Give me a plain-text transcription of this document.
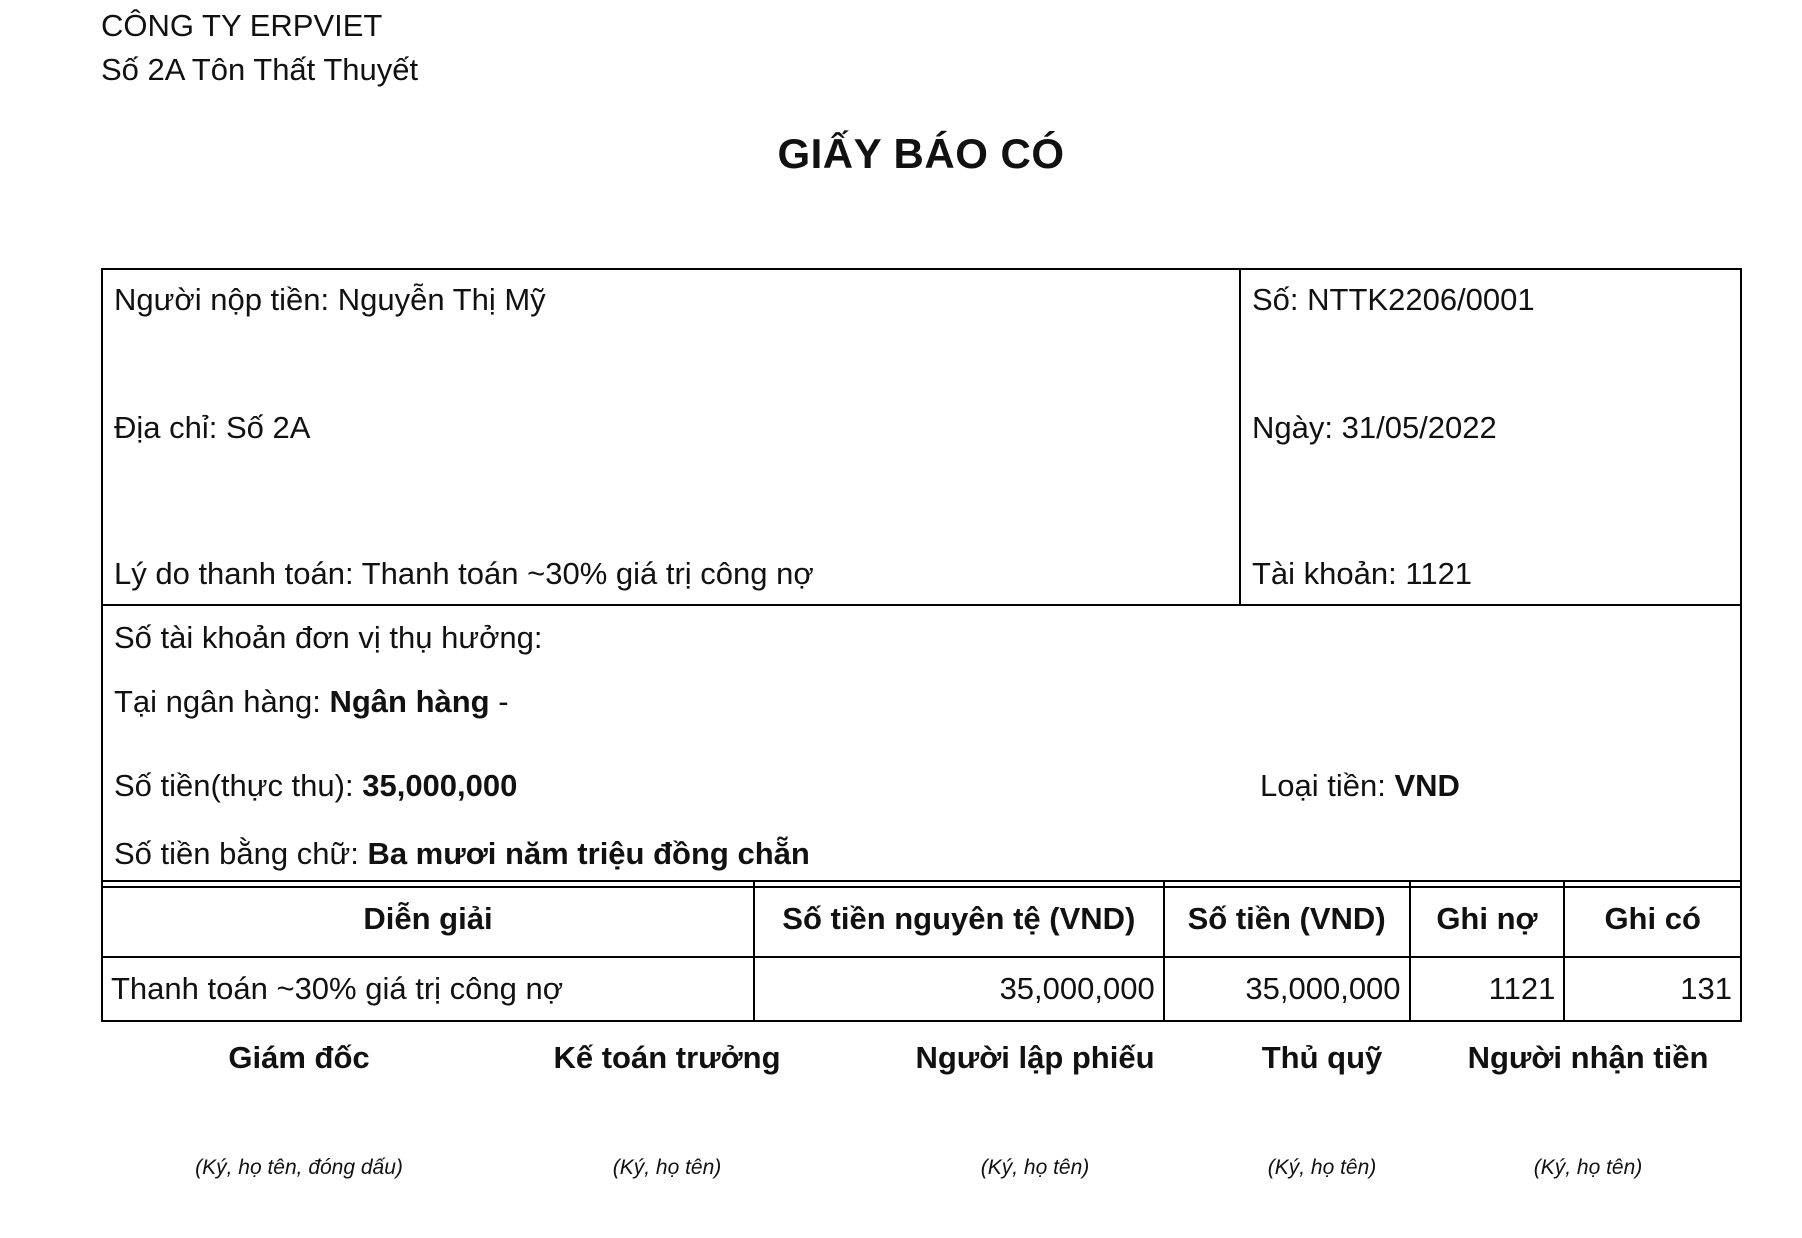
CÔNG TY ERPVIET
Số 2A Tôn Thất Thuyết
GIẤY BÁO CÓ
Người nộp tiền: Nguyễn Thị Mỹ
Địa chỉ: Số 2A
Lý do thanh toán: Thanh toán ~30% giá trị công nợ
Số: NTTK2206/0001
Ngày: 31/05/2022
Tài khoản: 1121
Số tài khoản đơn vị thụ hưởng:
Tại ngân hàng: Ngân hàng -
Số tiền(thực thu): 35,000,000	Loại tiền: VND
Số tiền bằng chữ: Ba mươi năm triệu đồng chẵn
Diễn giải	Số tiền nguyên tệ (VND)	Số tiền (VND)	Ghi nợ	Ghi có
Thanh toán ~30% giá trị công nợ	35,000,000	35,000,000	1121	131
Giám đốc
(Ký, họ tên, đóng dấu)
Kế toán trưởng
(Ký, họ tên)
Người lập phiếu
(Ký, họ tên)
Thủ quỹ
(Ký, họ tên)
Người nhận tiền
(Ký, họ tên)
